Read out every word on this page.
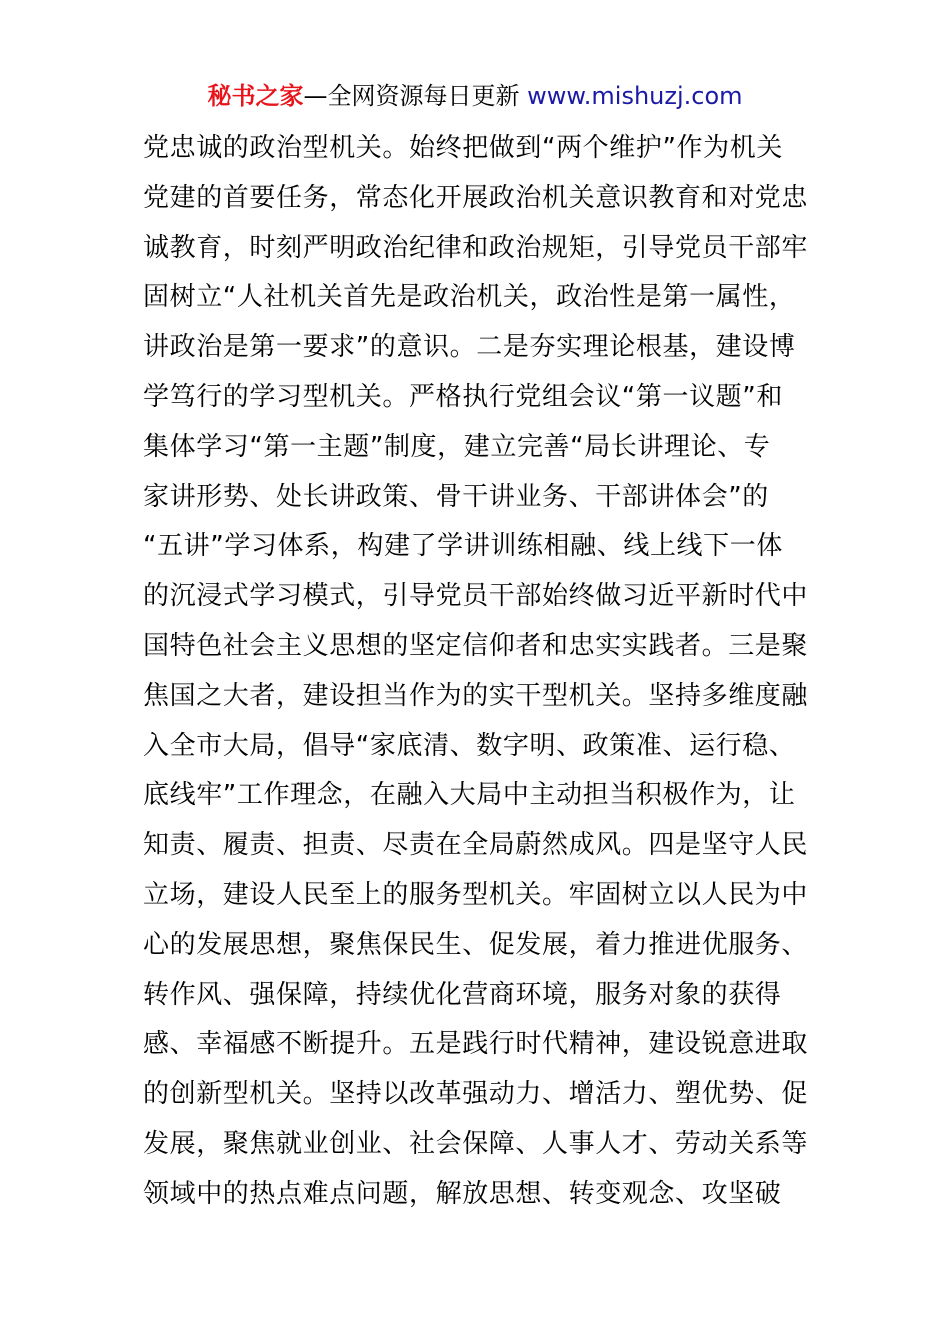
秘书之家—全网资源每日更新 www.mishuzj.com
党忠诚的政治型机关。始终把做到“两个维护”作为机关
党建的首要任务，常态化开展政治机关意识教育和对党忠
诚教育，时刻严明政治纪律和政治规矩，引导党员干部牢
固树立“人社机关首先是政治机关，政治性是第一属性，
讲政治是第一要求”的意识。二是夯实理论根基，建设博
学笃行的学习型机关。严格执行党组会议“第一议题”和
集体学习“第一主题”制度，建立完善“局长讲理论、专
家讲形势、处长讲政策、骨干讲业务、干部讲体会”的
“五讲”学习体系，构建了学讲训练相融、线上线下一体
的沉浸式学习模式，引导党员干部始终做习近平新时代中
国特色社会主义思想的坚定信仰者和忠实实践者。三是聚
焦国之大者，建设担当作为的实干型机关。坚持多维度融
入全市大局，倡导“家底清、数字明、政策准、运行稳、
底线牢”工作理念，在融入大局中主动担当积极作为，让
知责、履责、担责、尽责在全局蔚然成风。四是坚守人民
立场，建设人民至上的服务型机关。牢固树立以人民为中
心的发展思想，聚焦保民生、促发展，着力推进优服务、
转作风、强保障，持续优化营商环境，服务对象的获得
感、幸福感不断提升。五是践行时代精神，建设锐意进取
的创新型机关。坚持以改革强动力、增活力、塑优势、促
发展，聚焦就业创业、社会保障、人事人才、劳动关系等
领域中的热点难点问题，解放思想、转变观念、攻坚破
